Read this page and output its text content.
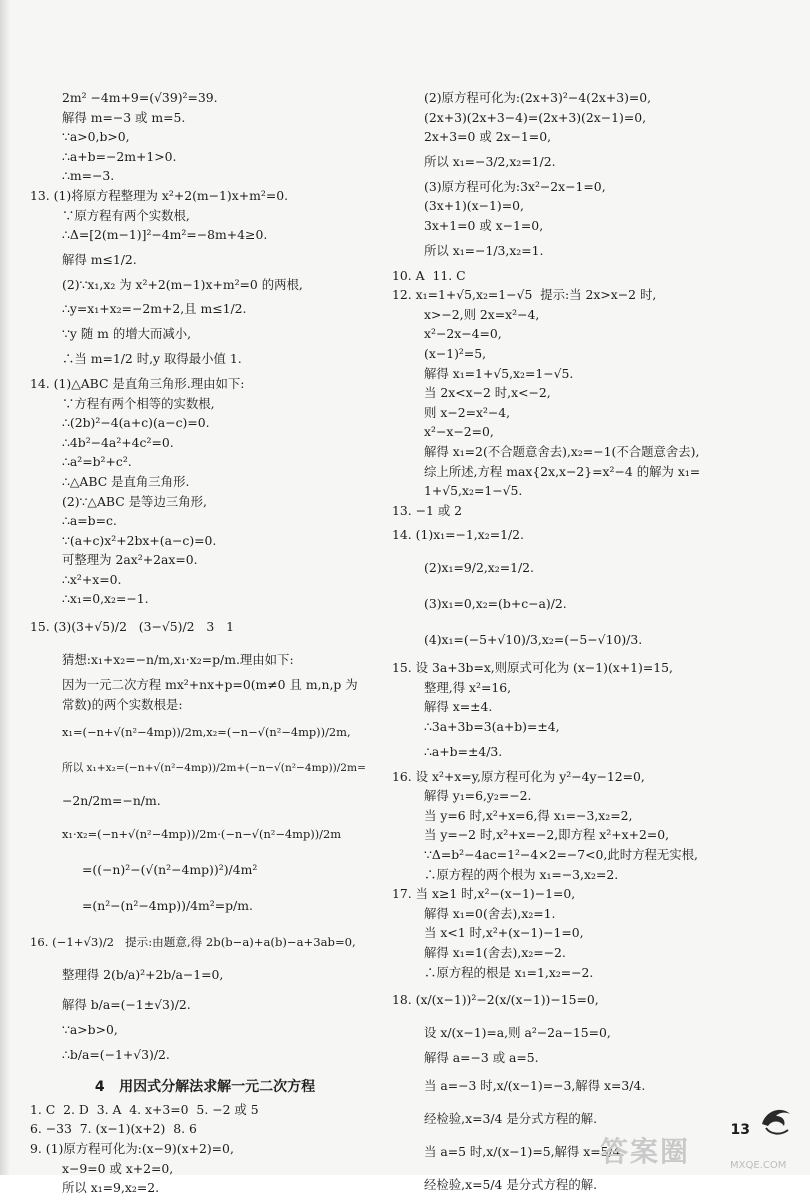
2m² −4m+9=(√39)²=39.
解得 m=−3 或 m=5.
∵a>0,b>0,
∴a+b=−2m+1>0.
∴m=−3.
13. (1)将原方程整理为 x²+2(m−1)x+m²=0.
∵原方程有两个实数根,
∴Δ=[2(m−1)]²−4m²=−8m+4≥0.
解得 m≤1/2.
(2)∵x₁,x₂ 为 x²+2(m−1)x+m²=0 的两根,
∴y=x₁+x₂=−2m+2,且 m≤1/2.
∵y 随 m 的增大而减小,
∴当 m=1/2 时,y 取得最小值 1.
14. (1)△ABC 是直角三角形.理由如下:
∵方程有两个相等的实数根,
∴(2b)²−4(a+c)(a−c)=0.
∴4b²−4a²+4c²=0.
∴a²=b²+c².
∴△ABC 是直角三角形.
(2)∵△ABC 是等边三角形,
∴a=b=c.
∵(a+c)x²+2bx+(a−c)=0.
可整理为 2ax²+2ax=0.
∴x²+x=0.
∴x₁=0,x₂=−1.
15. (3)(3+√5)/2   (3−√5)/2   3   1
猜想:x₁+x₂=−n/m,x₁·x₂=p/m.理由如下:
因为一元二次方程 mx²+nx+p=0(m≠0 且 m,n,p 为
常数)的两个实数根是:
x₁=(−n+√(n²−4mp))/2m,x₂=(−n−√(n²−4mp))/2m,
所以 x₁+x₂=(−n+√(n²−4mp))/2m+(−n−√(n²−4mp))/2m=
−2n/2m=−n/m.
x₁·x₂=(−n+√(n²−4mp))/2m·(−n−√(n²−4mp))/2m
=((−n)²−(√(n²−4mp))²)/4m²
=(n²−(n²−4mp))/4m²=p/m.
16. (−1+√3)/2   提示:由题意,得 2b(b−a)+a(b)−a+3ab=0,
整理得 2(b/a)²+2b/a−1=0,
解得 b/a=(−1±√3)/2.
∵a>b>0,
∴b/a=(−1+√3)/2.
4   用因式分解法求解一元二次方程
1. C  2. D  3. A  4. x+3=0  5. −2 或 5
6. −33  7. (x−1)(x+2)  8. 6
9. (1)原方程可化为:(x−9)(x+2)=0,
x−9=0 或 x+2=0,
所以 x₁=9,x₂=2.
(2)原方程可化为:(2x+3)²−4(2x+3)=0,
(2x+3)(2x+3−4)=(2x+3)(2x−1)=0,
2x+3=0 或 2x−1=0,
所以 x₁=−3/2,x₂=1/2.
(3)原方程可化为:3x²−2x−1=0,
(3x+1)(x−1)=0,
3x+1=0 或 x−1=0,
所以 x₁=−1/3,x₂=1.
10. A  11. C
12. x₁=1+√5,x₂=1−√5  提示:当 2x>x−2 时,
x>−2,则 2x=x²−4,
x²−2x−4=0,
(x−1)²=5,
解得 x₁=1+√5,x₂=1−√5.
当 2x<x−2 时,x<−2,
则 x−2=x²−4,
x²−x−2=0,
解得 x₁=2(不合题意舍去),x₂=−1(不合题意舍去),
综上所述,方程 max{2x,x−2}=x²−4 的解为 x₁=
1+√5,x₂=1−√5.
13. −1 或 2
14. (1)x₁=−1,x₂=1/2.
(2)x₁=9/2,x₂=1/2.
(3)x₁=0,x₂=(b+c−a)/2.
(4)x₁=(−5+√10)/3,x₂=(−5−√10)/3.
15. 设 3a+3b=x,则原式可化为 (x−1)(x+1)=15,
整理,得 x²=16,
解得 x=±4.
∴3a+3b=3(a+b)=±4,
∴a+b=±4/3.
16. 设 x²+x=y,原方程可化为 y²−4y−12=0,
解得 y₁=6,y₂=−2.
当 y=6 时,x²+x=6,得 x₁=−3,x₂=2,
当 y=−2 时,x²+x=−2,即方程 x²+x+2=0,
∵Δ=b²−4ac=1²−4×2=−7<0,此时方程无实根,
∴原方程的两个根为 x₁=−3,x₂=2.
17. 当 x≥1 时,x²−(x−1)−1=0,
解得 x₁=0(舍去),x₂=1.
当 x<1 时,x²+(x−1)−1=0,
解得 x₁=1(舍去),x₂=−2.
∴原方程的根是 x₁=1,x₂=−2.
18. (x/(x−1))²−2(x/(x−1))−15=0,
设 x/(x−1)=a,则 a²−2a−15=0,
解得 a=−3 或 a=5.
当 a=−3 时,x/(x−1)=−3,解得 x=3/4.
经检验,x=3/4 是分式方程的解.
当 a=5 时,x/(x−1)=5,解得 x=5/4.
经检验,x=5/4 是分式方程的解.
13
答案圈	MXQE.COM
